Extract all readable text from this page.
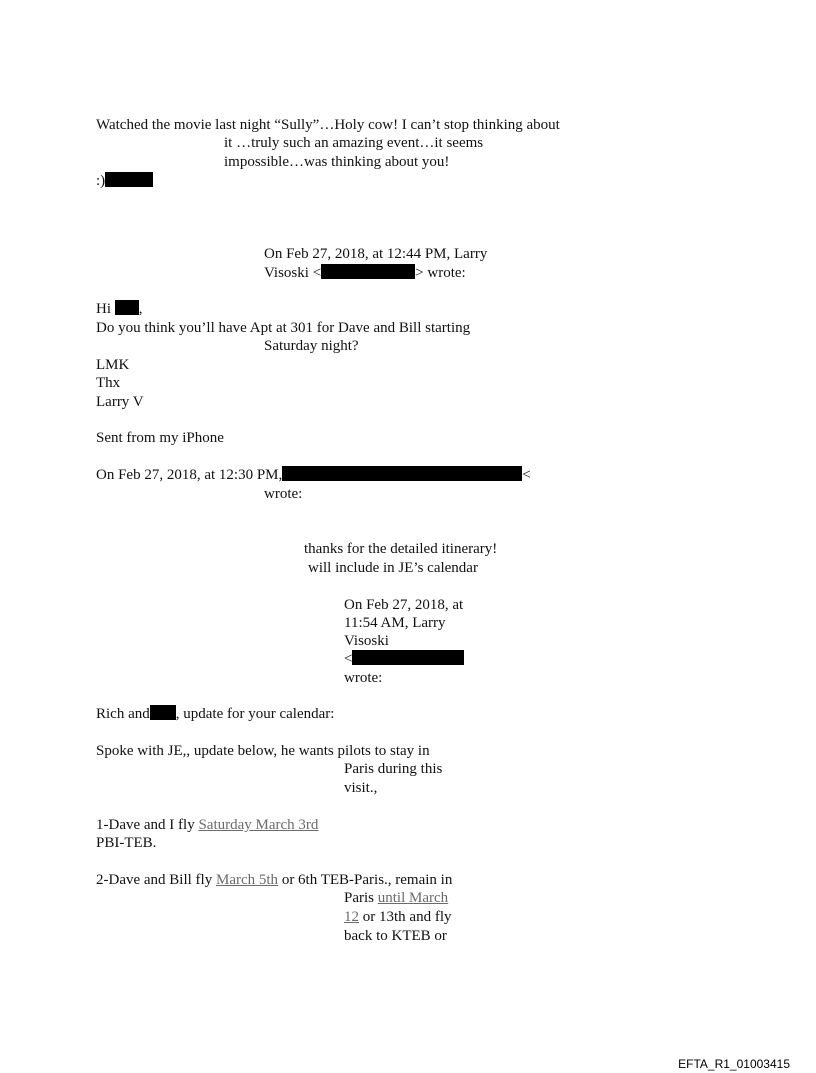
Watched the movie last night “Sully”…Holy cow! I can’t stop thinking about
it …truly such an amazing event…it seems
impossible…was thinking about you!
:)
On Feb 27, 2018, at 12:44 PM, Larry
Visoski <	> wrote:
Hi ,
Do you think you’ll have Apt at 301 for Dave and Bill starting
Saturday night?
LMK
Thx
Larry V
Sent from my iPhone
On Feb 27, 2018, at 12:30 PM,	<
wrote:
thanks for the detailed itinerary!
will include in JE’s calendar
On Feb 27, 2018, at
11:54 AM, Larry
Visoski
<
wrote:
Rich and , update for your calendar:
Spoke with JE,, update below, he wants pilots to stay in
Paris during this
visit.,
1-Dave and I fly Saturday March 3rd
PBI-TEB.
2-Dave and Bill fly March 5th or 6th TEB-Paris., remain in
Paris until March
12 or 13th and fly
back to KTEB or
EFTA_R1_01003415
